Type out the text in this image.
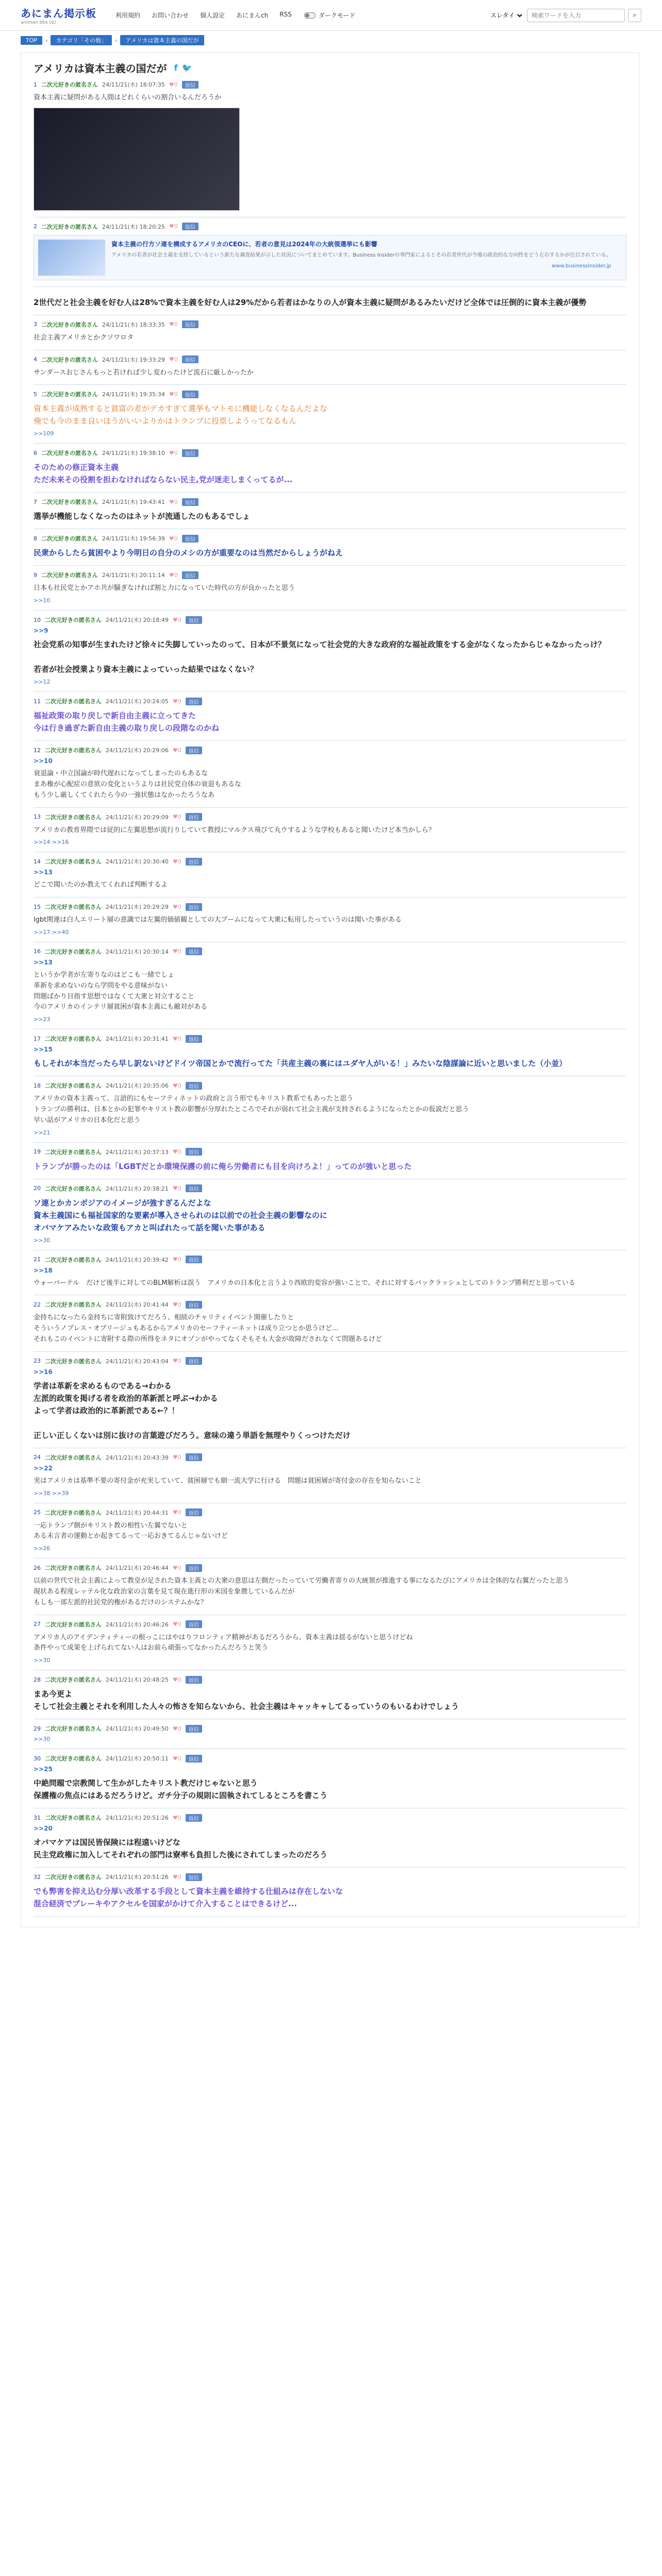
あにまん掲示板
animan bbs (α)
利用規約 お問い合わせ 個人設定 あにまんch RSS	ダークモード
スレタイ
検索ワードを入力	⌕
TOP	›	カテゴリ「その他」	›	アメリカは資本主義の国だが
アメリカは資本主義の国だが f 🐦
1 二次元好きの匿名さん 24/11/21(木) 18:07:35 ♥0	返信
資本主義に疑問がある人間はどれくらいの割合いるんだろうか
2 二次元好きの匿名さん 24/11/21(木) 18:20:25 ♥0	返信
資本主義の行方ソ連を構成するアメリカのCEOに、若者の意見は2024年の大統領選挙にも影響
アメリカの若者が社会主義を支持しているという新たな調査結果が示した状況についてまとめています。Business Insiderの専門家によるとその若者世代が今後の政治的な方向性をどう左右するかが注目されている。
www.businessinsider.jp
2世代だと社会主義を好む人は28%で資本主義を好む人は29%だから若者はかなりの人が資本主義に疑問があるみたいだけど全体では圧倒的に資本主義が優勢
3 二次元好きの匿名さん 24/11/21(木) 18:33:35 ♥0	返信
社会主義アメリカとかクソワロタ
4 二次元好きの匿名さん 24/11/21(木) 19:33:29 ♥0	返信
サンダースおじさんもっと若ければ少し変わったけど流石に厳しかったか
5 二次元好きの匿名さん 24/11/21(木) 19:35:34 ♥0	返信
資本主義が成熟すると貧富の差がデカすぎて選挙もマトモに機能しなくなるんだよな
俺でも今のまま良いほうがいいよりかはトランプに投票しようってなるもん
>>109
6 二次元好きの匿名さん 24/11/21(木) 19:38:10 ♥0	返信
そのための修正資本主義
ただ未来その役割を担わなければならない民主,党が迷走しまくってるが...
7 二次元好きの匿名さん 24/11/21(木) 19:43:41 ♥0	返信
選挙が機能しなくなったのはネットが流通したのもあるでしょ
8 二次元好きの匿名さん 24/11/21(木) 19:56:39 ♥0	返信
民衆からしたら貧困やより今明日の自分のメシの方が重要なのは当然だからしょうがねえ
9 二次元好きの匿名さん 24/11/21(木) 20:11:14 ♥0	返信
日本も社民党とかアホ共が騒ぎなければ割と力になっていた時代の方が良かったと思う
>>10
10 二次元好きの匿名さん 24/11/21(木) 20:18:49 ♥0	返信
>>9
社会党系の知事が生まれたけど徐々に失脚していったのって、日本が不景気になって社会党的大きな政府的な福祉政策をする金がなくなったからじゃなかったっけ？

若者が社会授業より資本主義によっていった結果ではなくない？
>>12
11 二次元好きの匿名さん 24/11/21(木) 20:24:05 ♥0	返信
福祉政策の取り戻しで新自由主義に立ってきた
今は行き過ぎた新自由主義の取り戻しの段階なのかね
12 二次元好きの匿名さん 24/11/21(木) 20:29:06 ♥0	返信
>>10
衰退論・中立国論が時代遅れになってしまったのもあるな
まあ権が心配症の意欲の変化というよりは社民党自体の衰退もあるな
もう少し厳しくてくれたら今の一強状態はなかったろうなあ
13 二次元好きの匿名さん 24/11/21(木) 20:29:09 ♥0	返信
アメリカの教育界隈では従的に左翼思想が流行りしていて教授にマルクス飛びて丸ウするような学校もあると聞いたけど本当かしら？
>>14 >>16
14 二次元好きの匿名さん 24/11/21(木) 20:30:40 ♥0	返信
>>13
どこで聞いたのか教えてくれれば判断するよ
15 二次元好きの匿名さん 24/11/21(木) 20:29:29 ♥0	返信
lgbt関連は白人エリート層の意識では左翼的価値観としての大ブームになって大衆に転用したっていうのは聞いた事がある
>>17 >>40
16 二次元好きの匿名さん 24/11/21(木) 20:30:14 ♥0	返信
>>13
というか学者が左寄りなのはどこも一緒でしょ
革新を求めないのなら学問をやる意味がない
問題ばかり目指す思想ではなくて大衆と対立すること
今のアメリカのインテリ層貧困が資本主義にも敵対がある
>>23
17 二次元好きの匿名さん 24/11/21(木) 20:31:41 ♥0	返信
>>15
もしそれが本当だったら早し訳ないけどドイツ帝国とかで流行ってた「共産主義の裏にはユダヤ人がいる！」みたいな陰謀論に近いと思いました（小並）
18 二次元好きの匿名さん 24/11/21(木) 20:35:06 ♥0	返信
アメリカの資本主義って、言語的にもセーフティネットの政府と言う形でもキリスト教系でもあったと思う
トランプの勝利は、日本とかの犯罪やキリスト教の影響が分厚れたところでそれが弱れて社会主義が支持されるようになったとかの仮説だと思う
早い話がアメリカの日本化だと思う
>>21
19 二次元好きの匿名さん 24/11/21(木) 20:37:13 ♥0	返信
トランプが勝ったのは「LGBTだとか環境保護の前に俺ら労働者にも目を向けろよ！」ってのが強いと思った
20 二次元好きの匿名さん 24/11/21(木) 20:38:21 ♥0	返信
ソ連とかカンボジアのイメージが強すぎるんだよな
資本主義国にも福祉国家的な要素が導入させられのは以前での社会主義の影響なのに
オバマケアみたいな政策もアカと叫ばれたって話を聞いた事がある
>>30
21 二次元好きの匿名さん 24/11/21(木) 20:39:42 ♥0	返信
>>18
ウォーバーテル　だけど後半に対してのBLM解析は誤う　アメリカの日本化と言うより西欧的変容が強いことで、それに対するバックラッシュとしてのトランプ勝利だと思っている
22 二次元好きの匿名さん 24/11/21(木) 20:41:44 ♥0	返信
金持ちになったら金持ちに寄附致けてだろう、相続のチャリティイベント開催したりと
そういうノブレス・オブリージュもあるからアメリカのセーフティーネットは成り立つとか思うけど...
それもこのイベントに寄附する際の所得をネタにオゾンがやってなくそもそも大金が故障だされなくて問題あるけど
23 二次元好きの匿名さん 24/11/21(木) 20:43:04 ♥0	返信
>>16
学者は革新を求めるものである→わかる
左派的政策を掲げる者を政治的革新派と呼ぶ→わかる
よって学者は政治的に革新派である←？！

正しい正しくないは別に抜けの言葉遊びだろう。意味の違う単語を無理やりくっつけただけ
24 二次元好きの匿名さん 24/11/21(木) 20:43:39 ♥0	返信
>>22
実はアメリカは基準不要の寄付金が充実していて、貧困層でも細一流大学に行ける　問題は貧困層が寄付金の存在を知らないこと
>>38 >>39
25 二次元好きの匿名さん 24/11/21(木) 20:44:31 ♥0	返信
一応トランプ側がキリスト教の相性い左翼でないと
ある未言者の運動とか起きてるって一応おきてるんじゃないけど
>>26
26 二次元好きの匿名さん 24/11/21(木) 20:46:44 ♥0	返信
以前の世代で社会主義によって教皇が足された資本主義との大衆の意思は左側だったっていて労働者寄りの大統領が推進する事になるたびにアメリカは全体的な右翼だったと思う
現状ある程度レッテル化な政治家の言葉を見て現在進行形の米国を象徴しているんだが
もしも一部左派的社民党的権があるだけのシステムかな？
27 二次元好きの匿名さん 24/11/21(木) 20:46:26 ♥0	返信
アメリカ人のアイデンティティーの根っこにはやはりフロンティア精神があるだろうから、資本主義は揺るがないと思うけどね
条件やって成果を上げられてない人はお前ら頑張ってなかったんだろうと笑う
>>30
28 二次元好きの匿名さん 24/11/21(木) 20:48:25 ♥0	返信
まあ今更よ
そして社会主義とそれを利用した人々の怖さを知らないから、社会主義はキャッキャしてるっていうのもいるわけでしょう
29 二次元好きの匿名さん 24/11/21(木) 20:49:50 ♥0	返信
>>30
30 二次元好きの匿名さん 24/11/21(木) 20:50:11 ♥0	返信
>>25
中絶問題で宗教関して生かがしたキリスト教だけじゃないと思う
保護権の焦点にはあるだろうけど。ガチ分子の規則に固執されてしるところを書こう
31 二次元好きの匿名さん 24/11/21(木) 20:51:26 ♥0	返信
>>20
オバマケアは国民皆保険には程遠いけどな
民主党政権に加入してそれぞれの部門は寮率も負担した後にされてしまったのだろう
32 二次元好きの匿名さん 24/11/21(木) 20:51:26 ♥0	返信
でも弊害を抑え込む分厚い改革する手段として資本主義を維持する仕組みは存在しないな
混合経済でブレーキやアクセルを国家がかけて介入することはできるけど...
